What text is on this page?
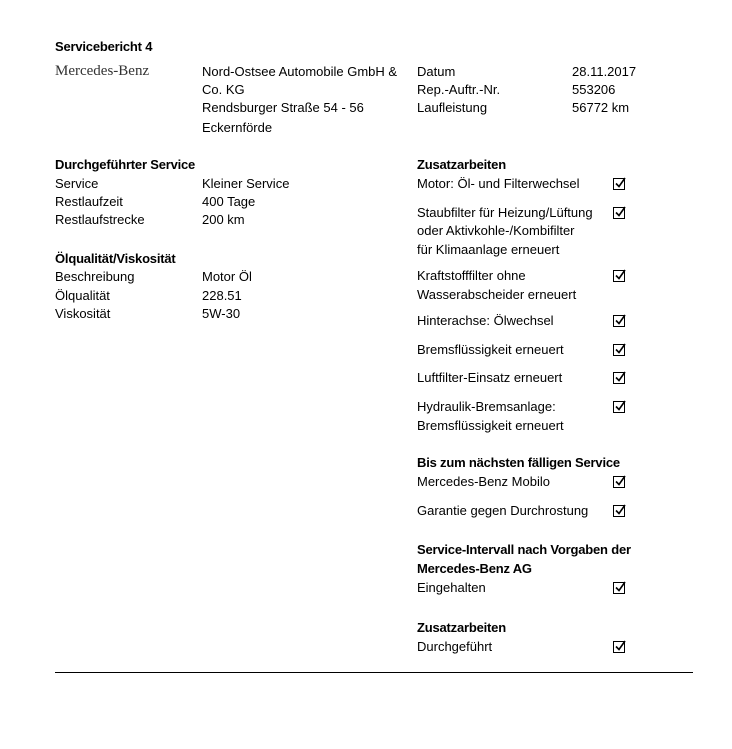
Servicebericht 4
Mercedes-Benz	Nord-Ostsee Automobile GmbH &
Co. KG
Rendsburger Straße 54 - 56
Eckernförde
Datum	28.11.2017
Rep.-Auftr.-Nr.	553206
Laufleistung	56772 km
Durchgeführter Service
Service	Kleiner Service
Restlaufzeit	400 Tage
Restlaufstrecke	200 km
Ölqualität/Viskosität
Beschreibung	Motor Öl
Ölqualität	228.51
Viskosität	5W-30
Zusatzarbeiten
Motor: Öl- und Filterwechsel
Staubfilter für Heizung/Lüftung
oder Aktivkohle-/Kombifilter
für Klimaanlage erneuert
Kraftstofffilter ohne
Wasserabscheider erneuert
Hinterachse: Ölwechsel
Bremsflüssigkeit erneuert
Luftfilter-Einsatz erneuert
Hydraulik-Bremsanlage:
Bremsflüssigkeit erneuert
Bis zum nächsten fälligen Service
Mercedes-Benz Mobilo
Garantie gegen Durchrostung
Service-Intervall nach Vorgaben der
Mercedes-Benz AG
Eingehalten
Zusatzarbeiten
Durchgeführt
